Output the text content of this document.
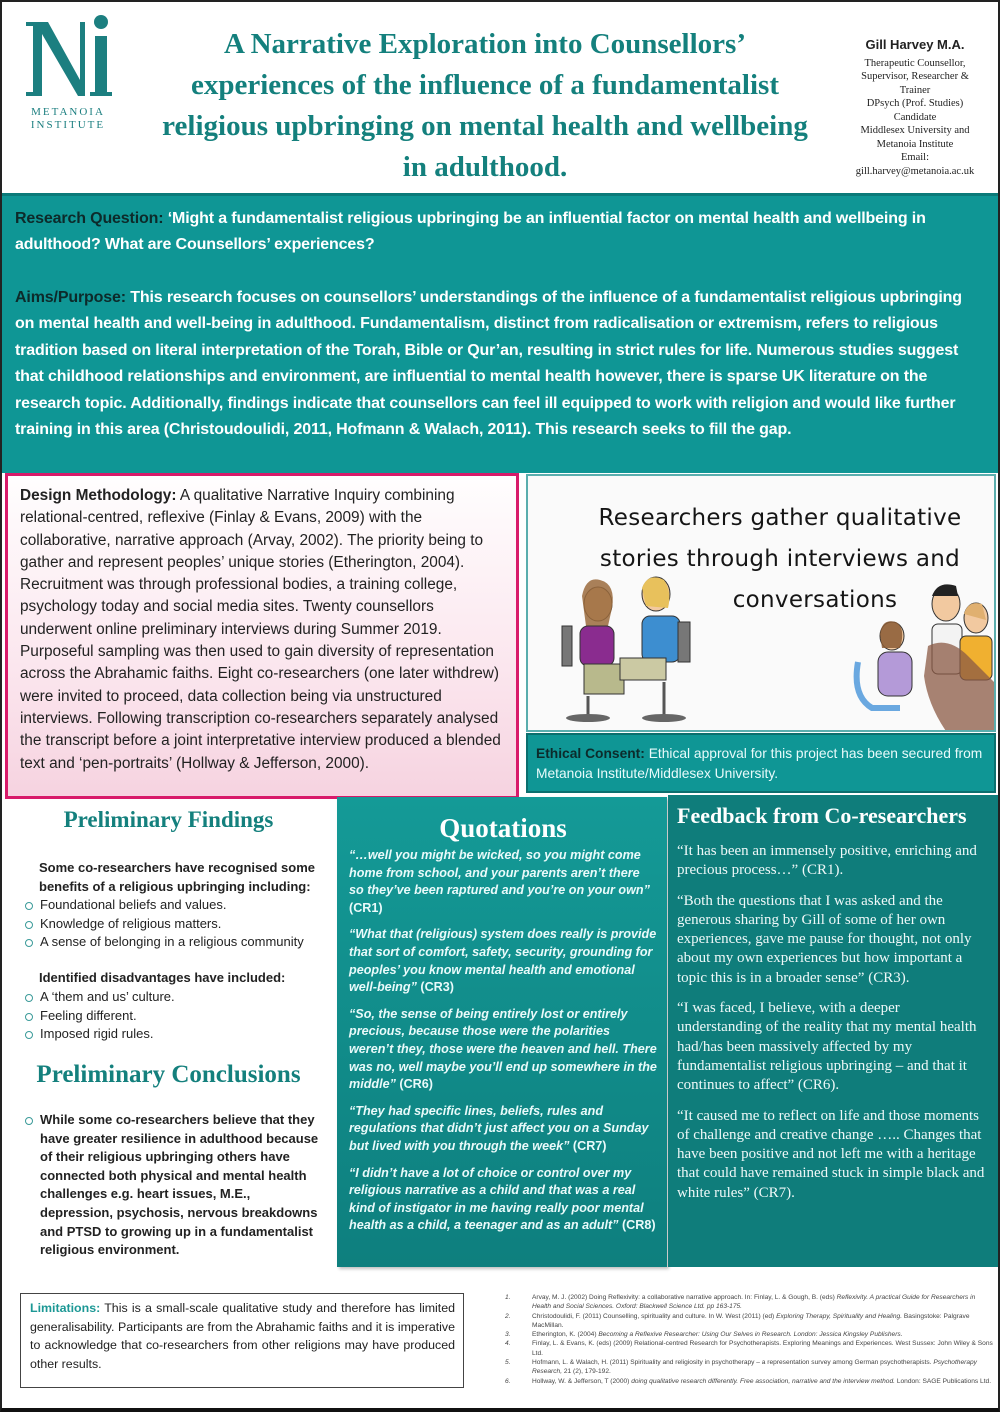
METANOIA
INSTITUTE
A Narrative Exploration into Counsellors’
experiences of the influence of a fundamentalist
religious upbringing on mental health and wellbeing
in adulthood.
Gill Harvey M.A.
Therapeutic Counsellor,
Supervisor, Researcher &
Trainer
DPsych (Prof. Studies)
Candidate
Middlesex University and
Metanoia Institute
Email:
gill.harvey@metanoia.ac.uk

Research Question: ‘Might a fundamentalist religious upbringing be an influential factor on mental health and wellbeing in adulthood? What are Counsellors’ experiences?

Aims/Purpose: This research focuses on counsellors’ understandings of the influence of a fundamentalist religious upbringing on mental health and well-being in adulthood. Fundamentalism, distinct from radicalisation or extremism, refers to religious tradition based on literal interpretation of the Torah, Bible or Qur’an, resulting in strict rules for life. Numerous studies suggest that childhood relationships and environment, are influential to mental health however, there is sparse UK literature on the research topic. Additionally, findings indicate that counsellors can feel ill equipped to work with religion and would like further training in this area (Christoudoulidi, 2011, Hofmann & Walach, 2011). This research seeks to fill the gap.

Design Methodology: A qualitative Narrative Inquiry combining relational-centred, reflexive (Finlay & Evans, 2009) with the collaborative, narrative approach (Arvay, 2002). The priority being to gather and represent peoples’ unique stories (Etherington, 2004). Recruitment was through professional bodies, a training college, psychology today and social media sites. Twenty counsellors underwent online preliminary interviews during Summer 2019. Purposeful sampling was then used to gain diversity of representation across the Abrahamic faiths. Eight co-researchers (one later withdrew) were invited to proceed, data collection being via unstructured interviews. Following transcription co-researchers separately analysed the transcript before a joint interpretative interview produced a blended text and ‘pen-portraits’ (Hollway & Jefferson, 2000).
Researchers gather qualitative
stories through interviews and
conversations
Ethical Consent: Ethical approval for this project has been secured from Metanoia Institute/Middlesex University.
Preliminary Findings

Some co-researchers have recognised some benefits of a religious upbringing including:

Foundational beliefs and values.
Knowledge of religious matters.
A sense of belonging in a religious community

Identified disadvantages have included:

A ‘them and us’ culture.
Feeling different.
Imposed rigid rules.
Preliminary Conclusions
While some co-researchers believe that they have greater resilience in adulthood because of their religious upbringing others have connected both physical and mental health challenges e.g. heart issues, M.E., depression, psychosis, nervous breakdowns and PTSD to growing up in a fundamentalist religious environment.
Quotations

“…well you might be wicked, so you might come home from school, and your parents aren’t there so they’ve been raptured and you’re on your own” (CR1)

“What that (religious) system does really is provide that sort of comfort, safety, security, grounding for peoples’ you know mental health and emotional well-being” (CR3)

“So, the sense of being entirely lost or entirely precious, because those were the polarities weren’t they, those were the heaven and hell. There was no, well maybe you’ll end up somewhere in the middle” (CR6)

“They had specific lines, beliefs, rules and regulations that didn’t just affect you on a Sunday but lived with you through the week” (CR7)

“I didn’t have a lot of choice or control over my religious narrative as a child and that was a real kind of instigator in me having really poor mental health as a child, a teenager and as an adult” (CR8)

Feedback from Co-researchers

“It has been an immensely positive, enriching and precious process…” (CR1).

“Both the questions that I was asked and the generous sharing by Gill of some of her own experiences, gave me pause for thought, not only about my own experiences but how important a topic this is in a broader sense” (CR3).

“I was faced, I believe, with a deeper understanding of the reality that my mental health had/has been massively affected by my fundamentalist religious upbringing – and that it continues to affect” (CR6).

“It caused me to reflect on life and those moments of challenge and creative change ….. Changes that have been positive and not left me with a heritage that could have remained stuck in simple black and white rules” (CR7).

Limitations: This is a small-scale qualitative study and therefore has limited generalisability. Participants are from the Abrahamic faiths and it is imperative to acknowledge that co-researchers from other religions may have produced other results.
1.	Arvay, M. J. (2002) Doing Reflexivity: a collaborative narrative approach. In: Finlay, L. & Gough, B. (eds) Reflexivity. A practical Guide for Researchers in Health and Social Sciences. Oxford: Blackwell Science Ltd. pp 163-175.
2.	Christodoulidi, F. (2011) Counselling, spirituality and culture. In W. West (2011) (ed) Exploring Therapy, Spirituality and Healing. Basingstoke: Palgrave MacMillan.
3.	Etherington, K. (2004) Becoming a Reflexive Researcher: Using Our Selves in Research. London: Jessica Kingsley Publishers.
4.	Finlay, L. & Evans, K. (eds) (2009) Relational-centred Research for Psychotherapists. Exploring Meanings and Experiences. West Sussex: John Wiley & Sons Ltd.
5.	Hofmann, L. & Walach, H. (2011) Spirituality and religiosity in psychotherapy – a representation survey among German psychotherapists. Psychotherapy Research, 21 (2), 179-192.
6.	Hollway, W. & Jefferson, T (2000) doing qualitative research differently. Free association, narrative and the interview method. London: SAGE Publications Ltd.
